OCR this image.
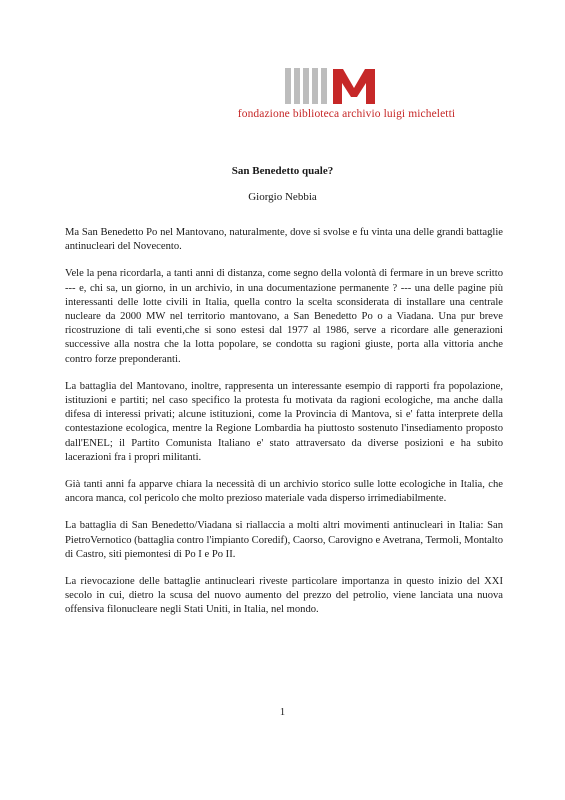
fondazione biblioteca archivio luigi micheletti
San Benedetto quale?
Giorgio Nebbia

Ma San Benedetto Po nel Mantovano, naturalmente, dove si svolse e fu vinta una delle grandi battaglie antinucleari del Novecento.

Vele la pena ricordarla, a tanti anni di distanza, come segno della volontà di fermare in un breve scritto --- e, chi sa, un giorno, in un archivio, in una documentazione permanente ? --- una delle pagine più interessanti delle lotte civili in Italia, quella contro la scelta sconsiderata di installare una centrale nucleare da 2000 MW nel territorio mantovano, a San Benedetto Po o a Viadana. Una pur breve ricostruzione di tali eventi,che si sono estesi dal 1977 al 1986, serve a ricordare alle generazioni successive alla nostra che la lotta popolare, se condotta su ragioni giuste, porta alla vittoria anche contro forze preponderanti.

La battaglia del Mantovano, inoltre, rappresenta un interessante esempio di rapporti fra popolazione, istituzioni e partiti; nel caso specifico la protesta fu motivata da ragioni ecologiche, ma anche dalla difesa di interessi privati; alcune istituzioni, come la Provincia di Mantova, si e' fatta interprete della contestazione ecologica, mentre la Regione Lombardia ha piuttosto sostenuto l'insediamento proposto dall'ENEL; il Partito Comunista Italiano e' stato attraversato da diverse posizioni e ha subito lacerazioni fra i propri militanti.

Già tanti anni fa apparve chiara la necessità di un archivio storico sulle lotte ecologiche in Italia, che ancora manca, col pericolo che molto prezioso materiale vada disperso irrimediabilmente.

La battaglia di San Benedetto/Viadana si riallaccia a molti altri movimenti antinucleari in Italia: San PietroVernotico (battaglia contro l'impianto Coredif), Caorso, Carovigno e Avetrana, Termoli, Montalto di Castro, siti piemontesi di Po I e Po II.

La rievocazione delle battaglie antinucleari riveste particolare importanza in questo inizio del XXI secolo in cui, dietro la scusa del nuovo aumento del prezzo del petrolio, viene lanciata una nuova offensiva filonucleare negli Stati Uniti, in Italia, nel mondo.

1
